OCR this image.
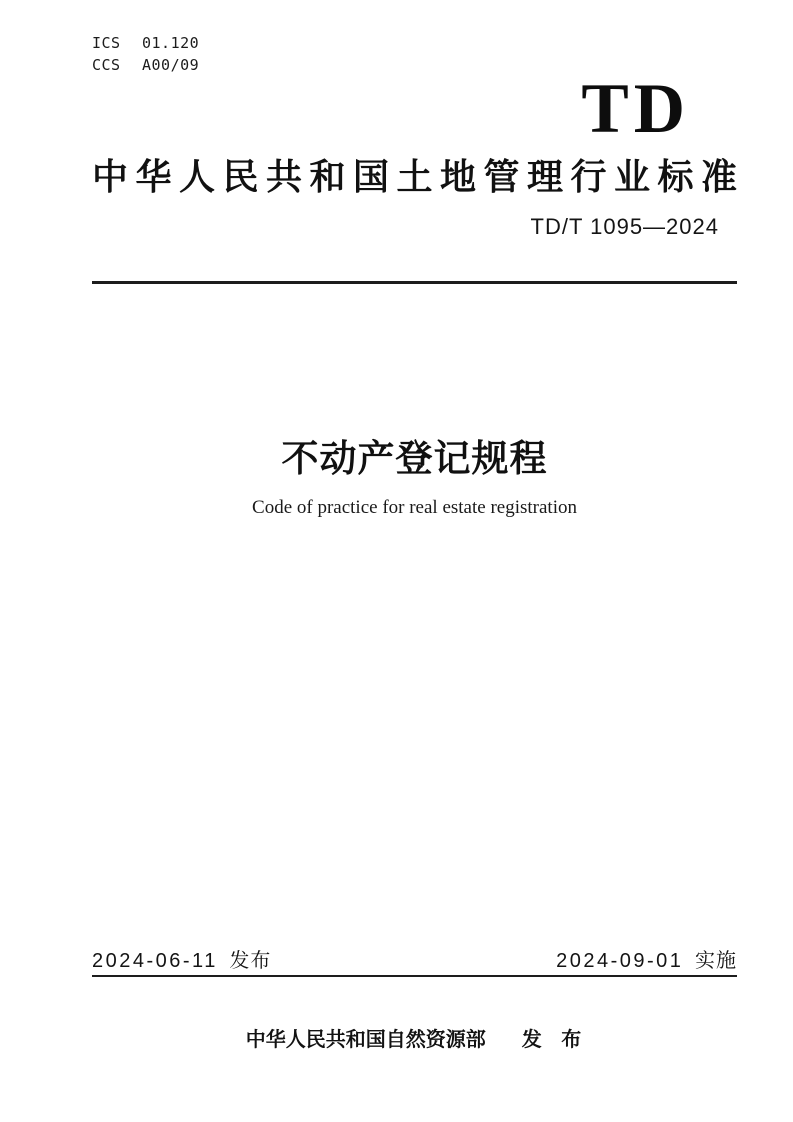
ICS	01.120
CCS	A00/09
TD
中华人民共和国土地管理行业标准
TD/T 1095—2024
不动产登记规程
Code of practice for real estate registration
2024-06-11 发布	2024-09-01 实施
中华人民共和国自然资源部 发 布
